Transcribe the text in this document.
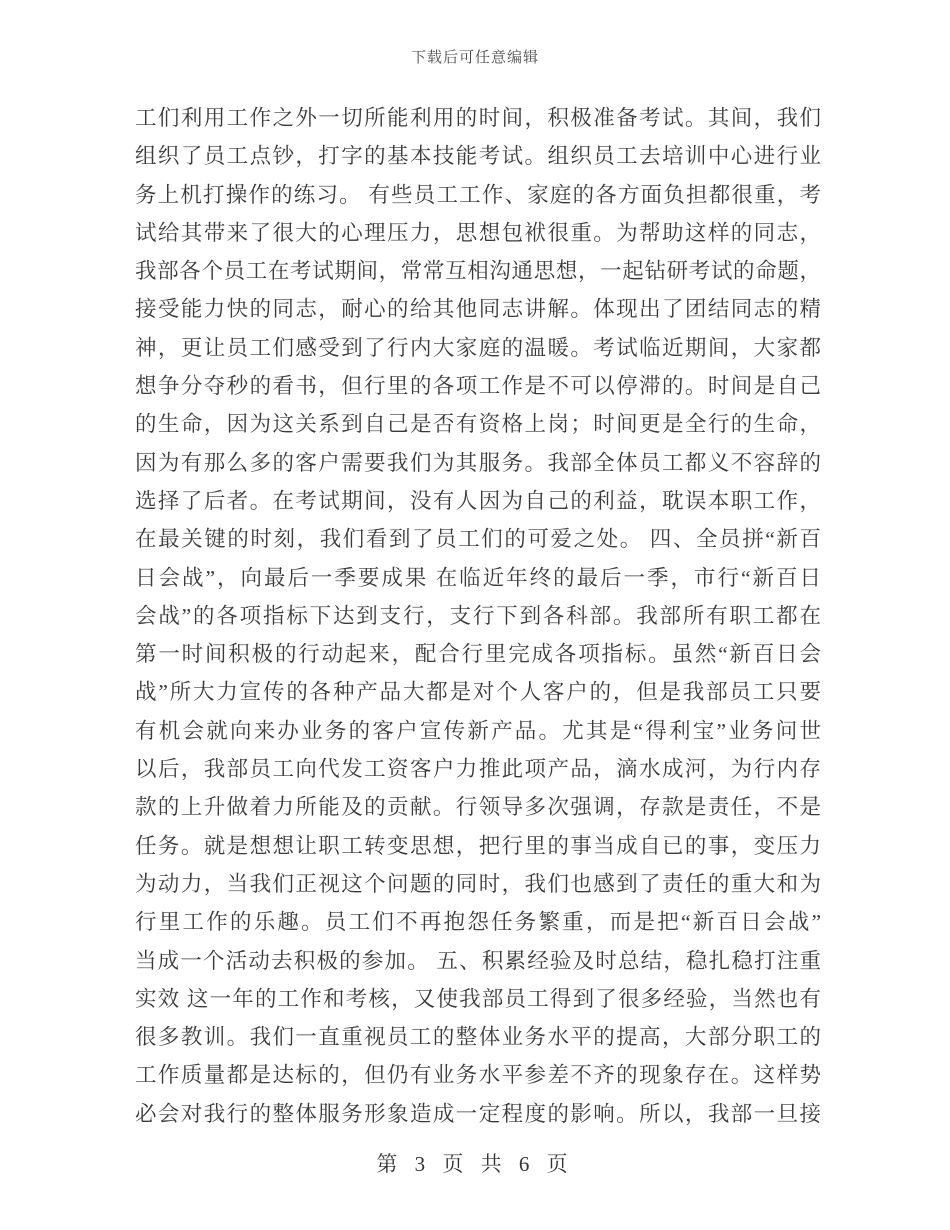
下载后可任意编辑
工们利用工作之外一切所能利用的时间，积极准备考试。其间，我们
组织了员工点钞，打字的基本技能考试。组织员工去培训中心进行业
务上机打操作的练习。 有些员工工作、家庭的各方面负担都很重，考
试给其带来了很大的心理压力，思想包袱很重。为帮助这样的同志，
我部各个员工在考试期间，常常互相沟通思想，一起钻研考试的命题，
接受能力快的同志，耐心的给其他同志讲解。体现出了团结同志的精
神，更让员工们感受到了行内大家庭的温暖。考试临近期间，大家都
想争分夺秒的看书，但行里的各项工作是不可以停滞的。时间是自己
的生命，因为这关系到自己是否有资格上岗；时间更是全行的生命，
因为有那么多的客户需要我们为其服务。我部全体员工都义不容辞的
选择了后者。在考试期间，没有人因为自己的利益，耽误本职工作，
在最关键的时刻，我们看到了员工们的可爱之处。 四、全员拼“新百
日会战”，向最后一季要成果 在临近年终的最后一季，市行“新百日
会战”的各项指标下达到支行，支行下到各科部。我部所有职工都在
第一时间积极的行动起来，配合行里完成各项指标。虽然“新百日会
战”所大力宣传的各种产品大都是对个人客户的，但是我部员工只要
有机会就向来办业务的客户宣传新产品。尤其是“得利宝”业务问世
以后，我部员工向代发工资客户力推此项产品，滴水成河，为行内存
款的上升做着力所能及的贡献。行领导多次强调，存款是责任，不是
任务。就是想想让职工转变思想，把行里的事当成自已的事，变压力
为动力，当我们正视这个问题的同时，我们也感到了责任的重大和为
行里工作的乐趣。员工们不再抱怨任务繁重，而是把“新百日会战”
当成一个活动去积极的参加。 五、积累经验及时总结，稳扎稳打注重
实效 这一年的工作和考核，又使我部员工得到了很多经验，当然也有
很多教训。我们一直重视员工的整体业务水平的提高，大部分职工的
工作质量都是达标的，但仍有业务水平参差不齐的现象存在。这样势
必会对我行的整体服务形象造成一定程度的影响。所以，我部一旦接
第 3 页 共 6 页
